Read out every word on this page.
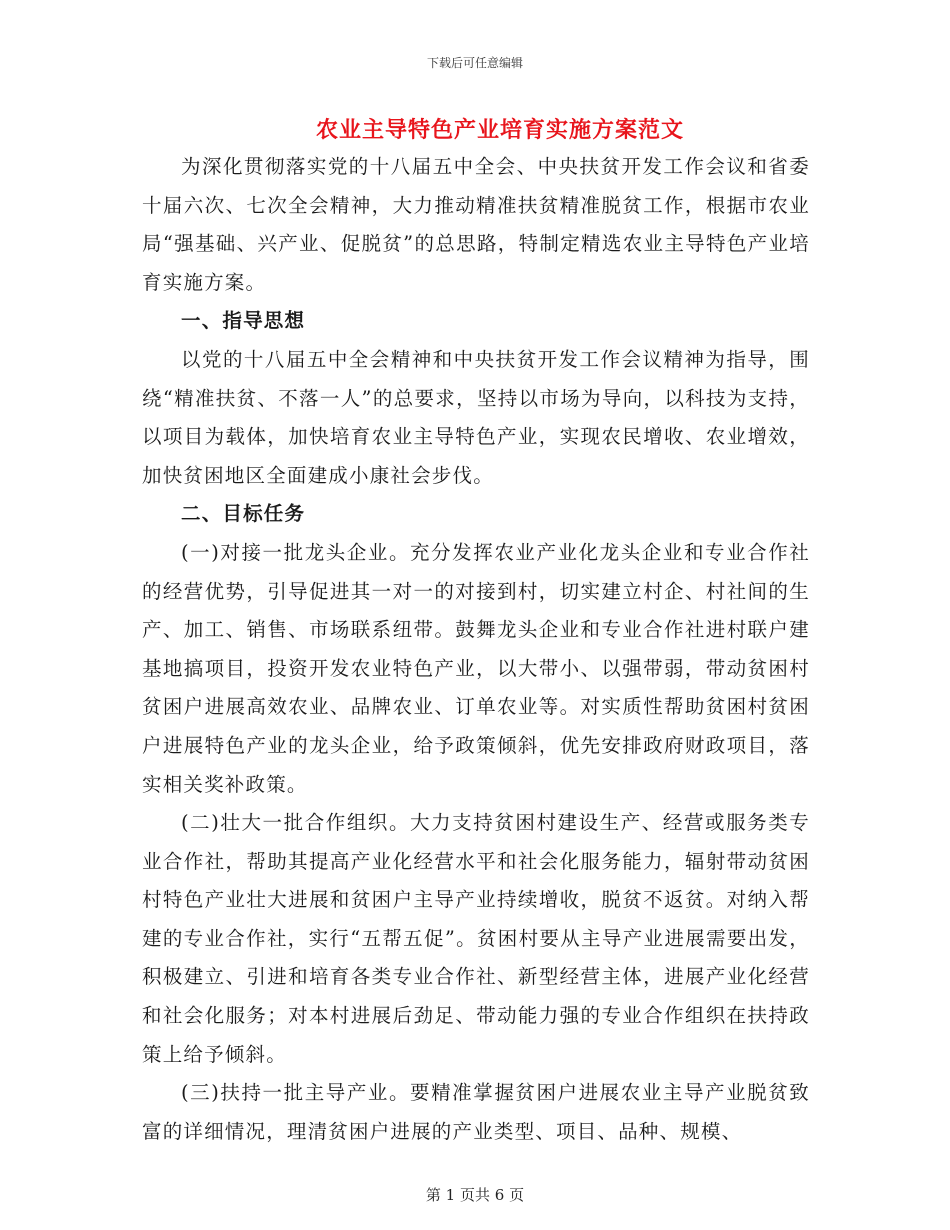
下载后可任意编辑
农业主导特色产业培育实施方案范文

为深化贯彻落实党的十八届五中全会、中央扶贫开发工作会议和省委十届六次、七次全会精神，大力推动精准扶贫精准脱贫工作，根据市农业局“强基础、兴产业、促脱贫”的总思路，特制定精选农业主导特色产业培育实施方案。

一、指导思想

以党的十八届五中全会精神和中央扶贫开发工作会议精神为指导，围绕“精准扶贫、不落一人”的总要求，坚持以市场为导向，以科技为支持，以项目为载体，加快培育农业主导特色产业，实现农民增收、农业增效，加快贫困地区全面建成小康社会步伐。

二、目标任务

(一)对接一批龙头企业。充分发挥农业产业化龙头企业和专业合作社的经营优势，引导促进其一对一的对接到村，切实建立村企、村社间的生产、加工、销售、市场联系纽带。鼓舞龙头企业和专业合作社进村联户建基地搞项目，投资开发农业特色产业，以大带小、以强带弱，带动贫困村贫困户进展高效农业、品牌农业、订单农业等。对实质性帮助贫困村贫困户进展特色产业的龙头企业，给予政策倾斜，优先安排政府财政项目，落实相关奖补政策。

(二)壮大一批合作组织。大力支持贫困村建设生产、经营或服务类专业合作社，帮助其提高产业化经营水平和社会化服务能力，辐射带动贫困村特色产业壮大进展和贫困户主导产业持续增收，脱贫不返贫。对纳入帮建的专业合作社，实行“五帮五促”。贫困村要从主导产业进展需要出发，积极建立、引进和培育各类专业合作社、新型经营主体，进展产业化经营和社会化服务；对本村进展后劲足、带动能力强的专业合作组织在扶持政策上给予倾斜。

(三)扶持一批主导产业。要精准掌握贫困户进展农业主导产业脱贫致富的详细情况，理清贫困户进展的产业类型、项目、品种、规模、

第 1 页共 6 页
